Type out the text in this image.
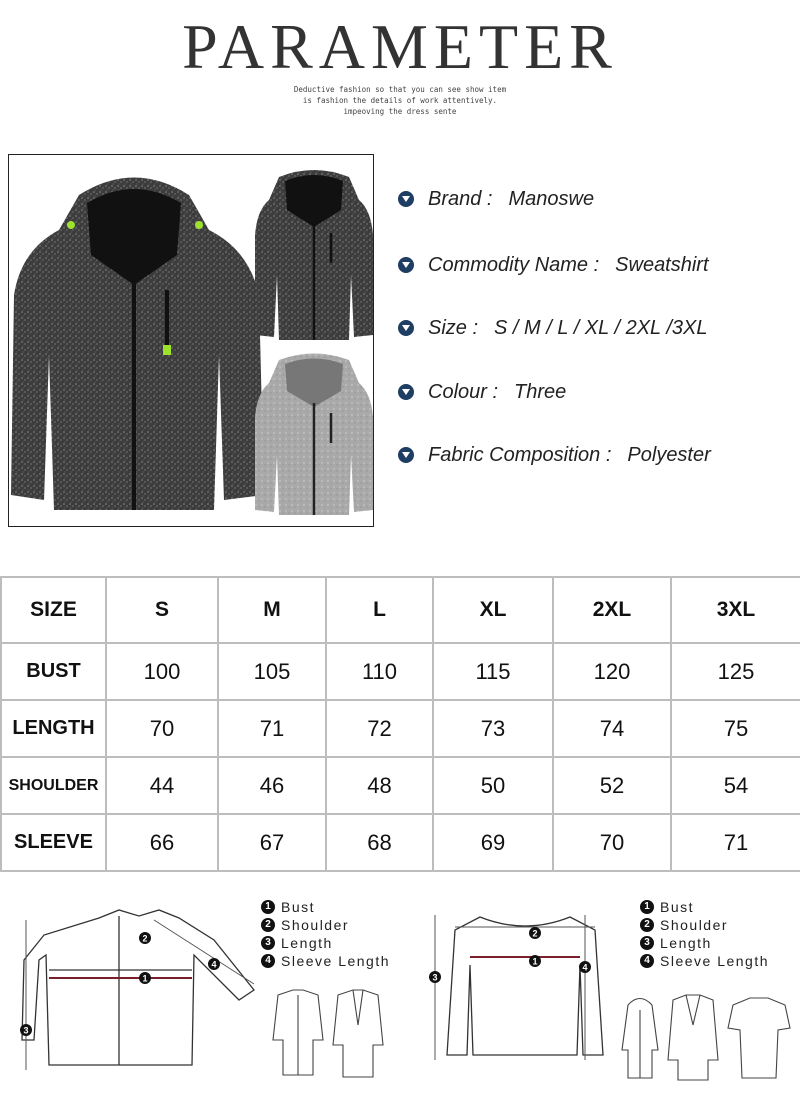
PARAMETER
Deductive fashion so that you can see show item
is fashion the details of work attentively.
impeoving the dress sente
Brand : Manoswe
Commodity Name : Sweatshirt
Size : S / M / L / XL / 2XL /3XL
Colour : Three
Fabric Composition : Polyester
SIZE	S	M	L	XL	2XL	3XL
BUST	100	105	110	115	120	125
LENGTH	70	71	72	73	74	75
SHOULDER	44	46	48	50	52	54
SLEEVE	66	67	68	69	70	71
1
2
3
4
1 Bust
2 Shoulder
3 Length
4 Sleeve Length
2
1
3
4
1 Bust
2 Shoulder
3 Length
4 Sleeve Length
